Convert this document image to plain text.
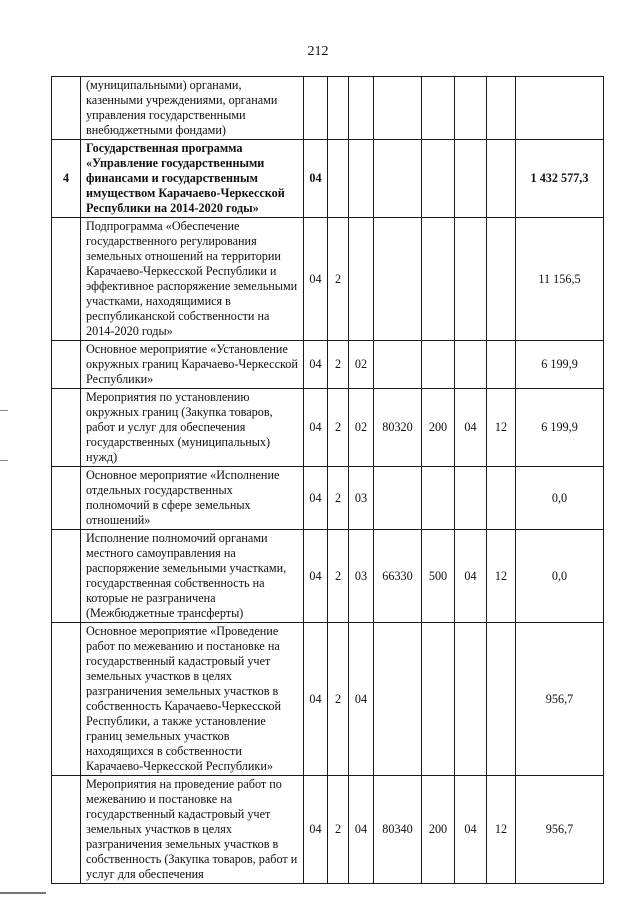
212
	(муниципальными) органами, казенными учреждениями, органами управления государственными внебюджетными фондами)								
4	Государственная программа «Управление государственными финансами и государственным имуществом Карачаево-Черкесской Республики на 2014-2020 годы»	04							1 432 577,3
	Подпрограмма «Обеспечение государственного регулирования земельных отношений на территории Карачаево-Черкесской Республики и эффективное распоряжение земельными участками, находящимися в республиканской собственности на 2014-2020 годы»	04	2						11 156,5
	Основное мероприятие «Установление окружных границ Карачаево-Черкесской Республики»	04	2	02					6 199,9
	Мероприятия по установлению окружных границ (Закупка товаров, работ и услуг для обеспечения государственных (муниципальных) нужд)	04	2	02	80320	200	04	12	6 199,9
	Основное мероприятие «Исполнение отдельных государственных полномочий в сфере земельных отношений»	04	2	03					0,0
	Исполнение полномочий органами местного самоуправления на распоряжение земельными участками, государственная собственность на которые не разграничена (Межбюджетные трансферты)	04	2	03	66330	500	04	12	0,0
	Основное мероприятие «Проведение работ по межеванию и постановке на государственный кадастровый учет земельных участков в целях разграничения земельных участков в собственность Карачаево-Черкесской Республики, а также установление границ земельных участков находящихся в собственности Карачаево-Черкесской Республики»	04	2	04					956,7
	Мероприятия на проведение работ по межеванию и постановке на государственный кадастровый учет земельных участков в целях разграничения земельных участков в собственность (Закупка товаров, работ и услуг для обеспечения	04	2	04	80340	200	04	12	956,7
